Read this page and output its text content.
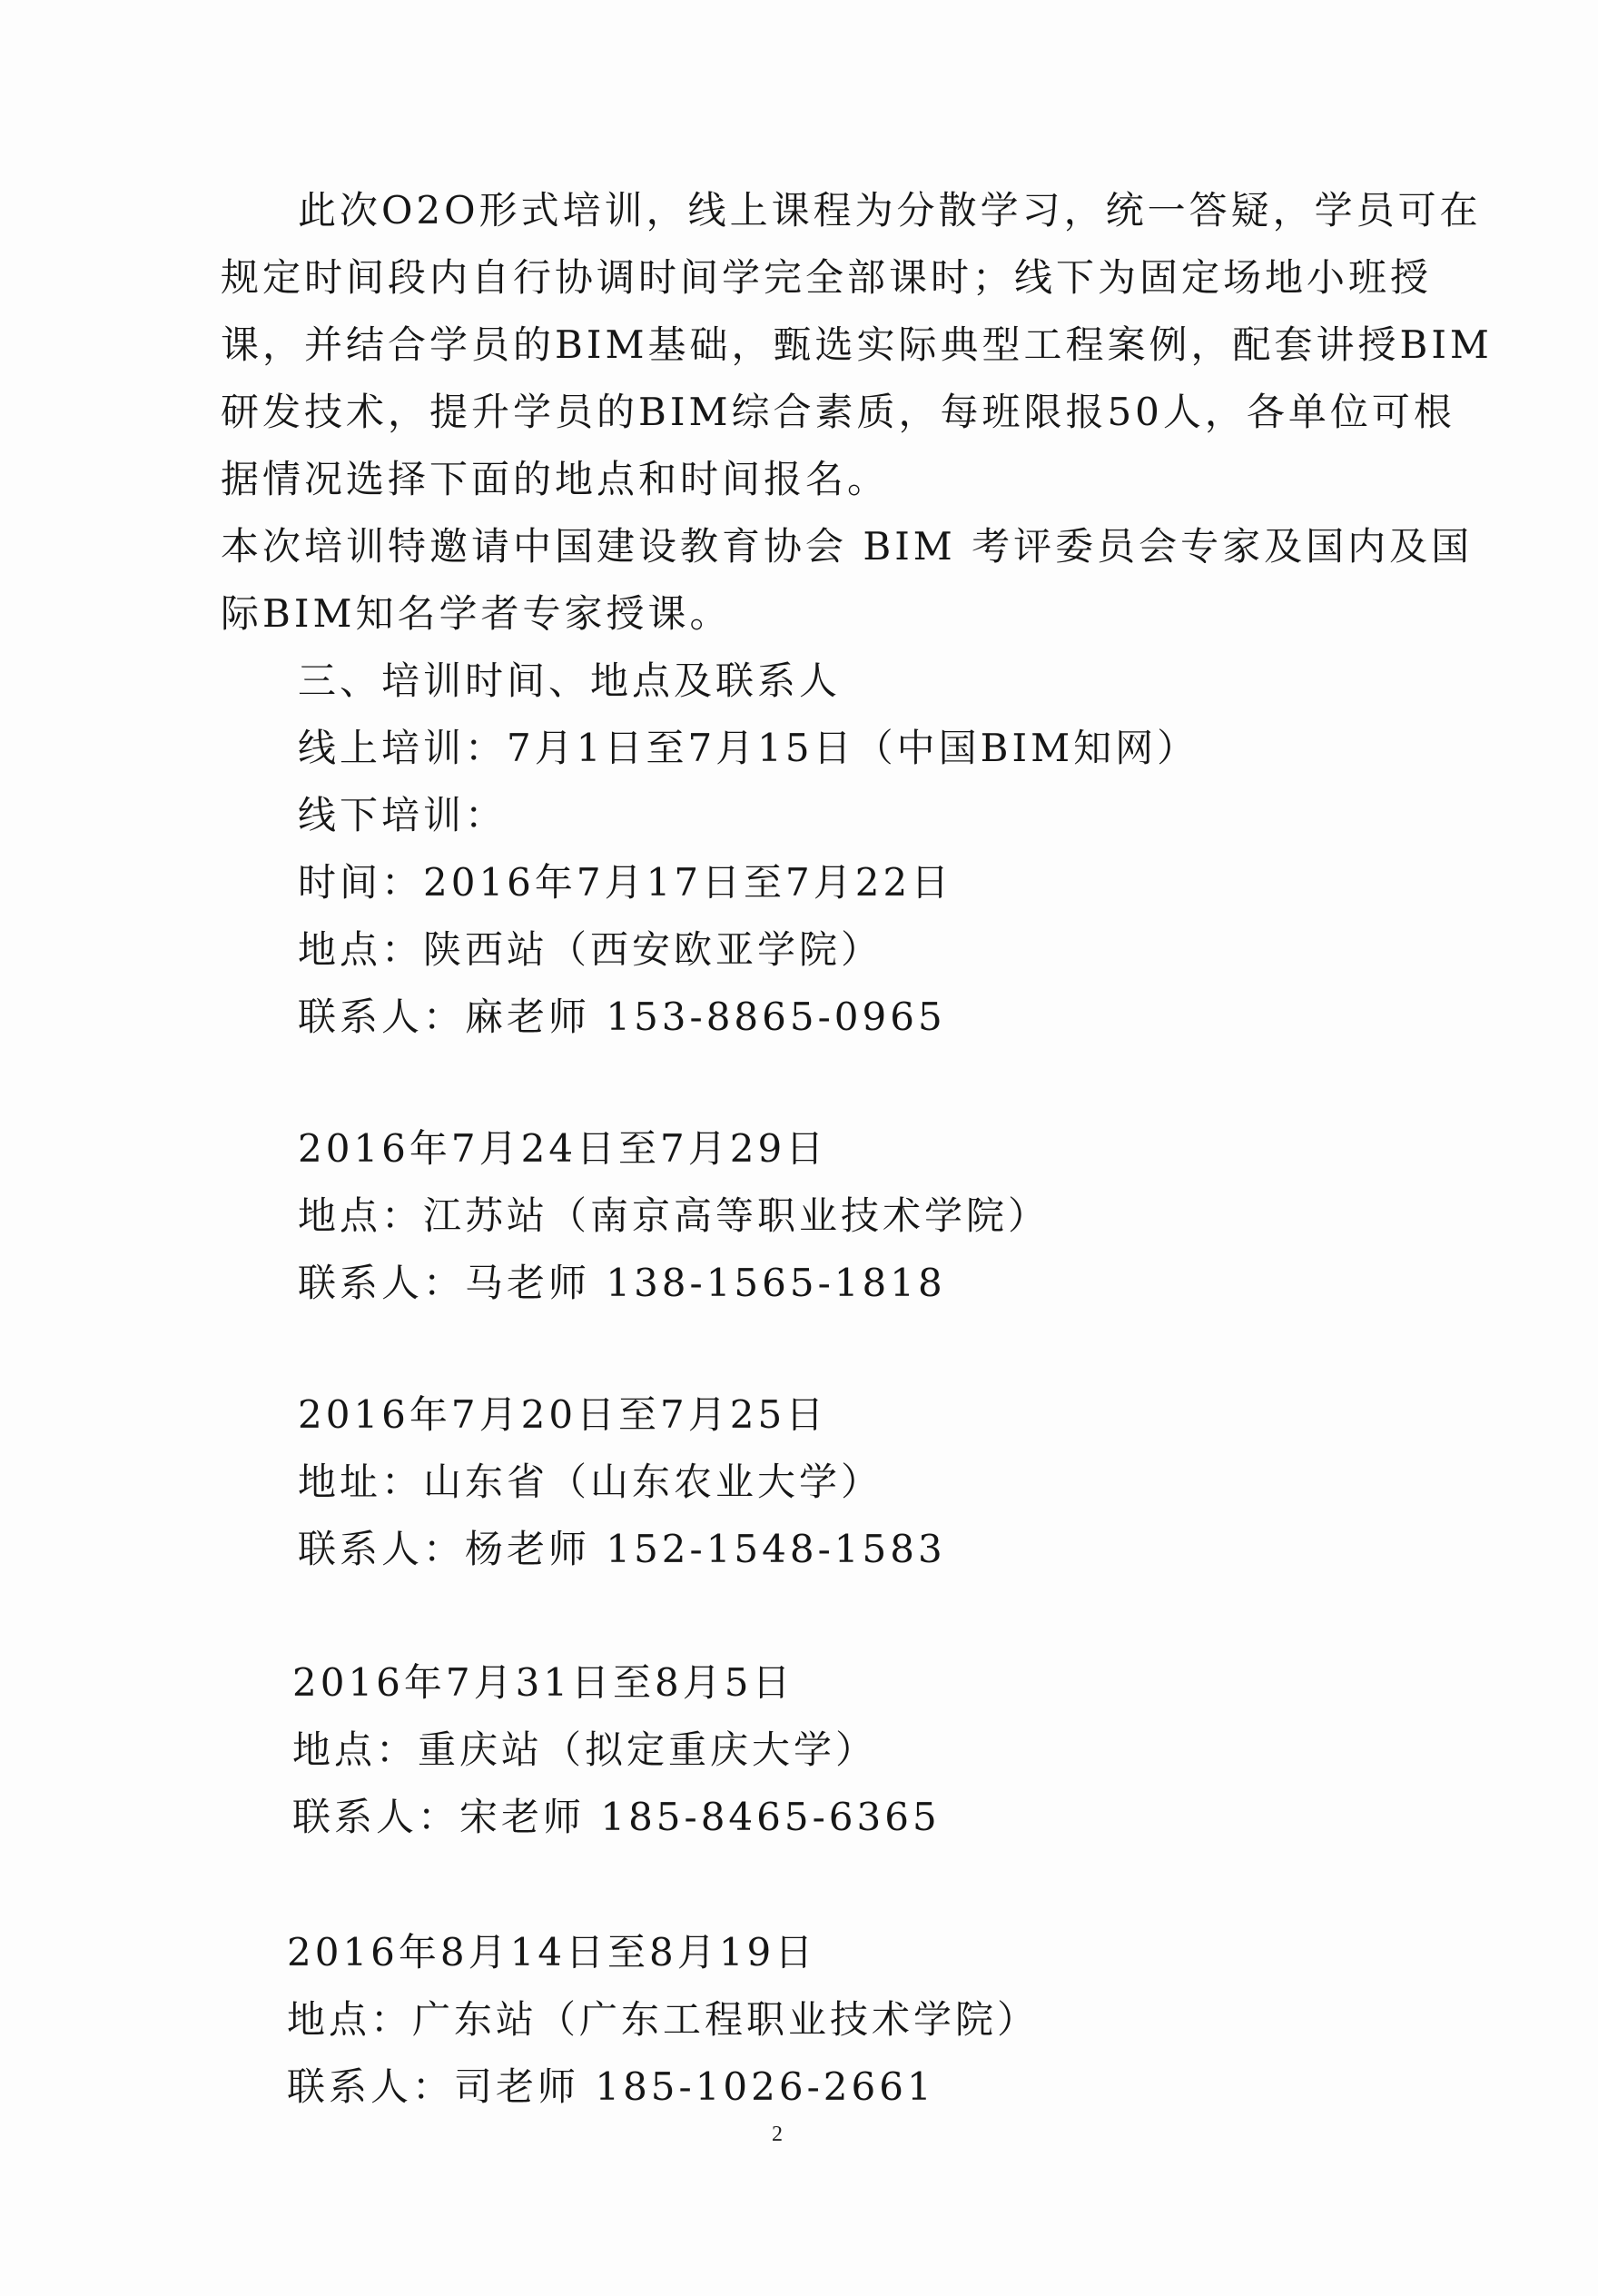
此次O2O形式培训，线上课程为分散学习，统一答疑，学员可在
规定时间段内自行协调时间学完全部课时；线下为固定场地小班授
课，并结合学员的BIM基础，甄选实际典型工程案例，配套讲授BIM
研发技术，提升学员的BIM综合素质，每班限报50人，各单位可根
据情况选择下面的地点和时间报名。
本次培训特邀请中国建设教育协会 BIM 考评委员会专家及国内及国
际BIM知名学者专家授课。
三、培训时间、地点及联系人
线上培训：7月1日至7月15日（中国BIM知网）
线下培训：
时间：2016年7月17日至7月22日
地点：陕西站（西安欧亚学院）
联系人：麻老师 153-8865-0965
2016年7月24日至7月29日
地点：江苏站（南京高等职业技术学院）
联系人：马老师 138-1565-1818
2016年7月20日至7月25日
地址：山东省（山东农业大学）
联系人：杨老师 152-1548-1583
2016年7月31日至8月5日
地点：重庆站（拟定重庆大学）
联系人：宋老师 185-8465-6365
2016年8月14日至8月19日
地点：广东站（广东工程职业技术学院）
联系人：司老师 185-1026-2661
2
